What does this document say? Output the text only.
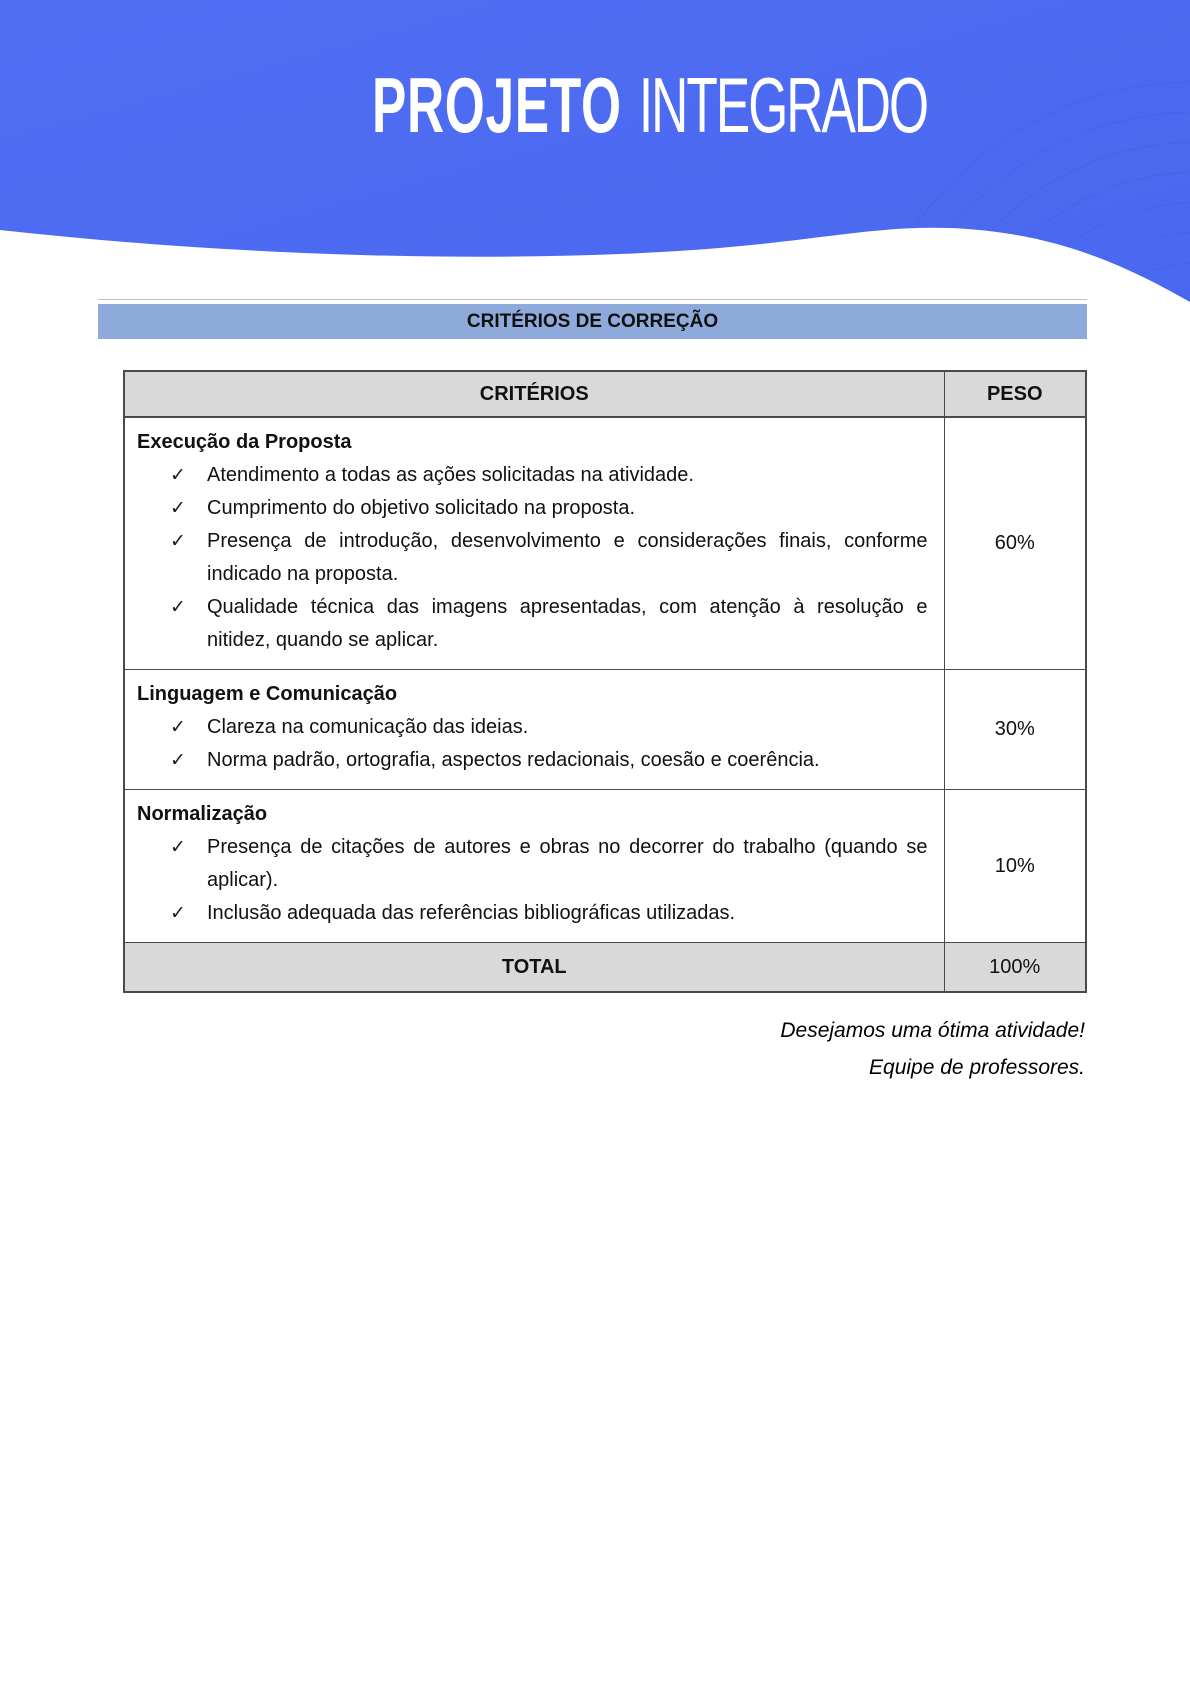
PROJETO INTEGRADO
CRITÉRIOS DE CORREÇÃO
CRITÉRIOS	PESO

Execução da Proposta
✓ Atendimento a todas as ações solicitadas na atividade.
✓ Cumprimento do objetivo solicitado na proposta.
✓ Presença de introdução, desenvolvimento e considerações finais, conforme indicado na proposta.
✓ Qualidade técnica das imagens apresentadas, com atenção à resolução e nitidez, quando se aplicar.
	60%

Linguagem e Comunicação
✓ Clareza na comunicação das ideias.
✓ Norma padrão, ortografia, aspectos redacionais, coesão e coerência.	30%

Normalização
✓ Presença de citações de autores e obras no decorrer do trabalho (quando se aplicar).
✓ Inclusão adequada das referências bibliográficas utilizadas.	10%
TOTAL	100%
Desejamos uma ótima atividade!
Equipe de professores.
